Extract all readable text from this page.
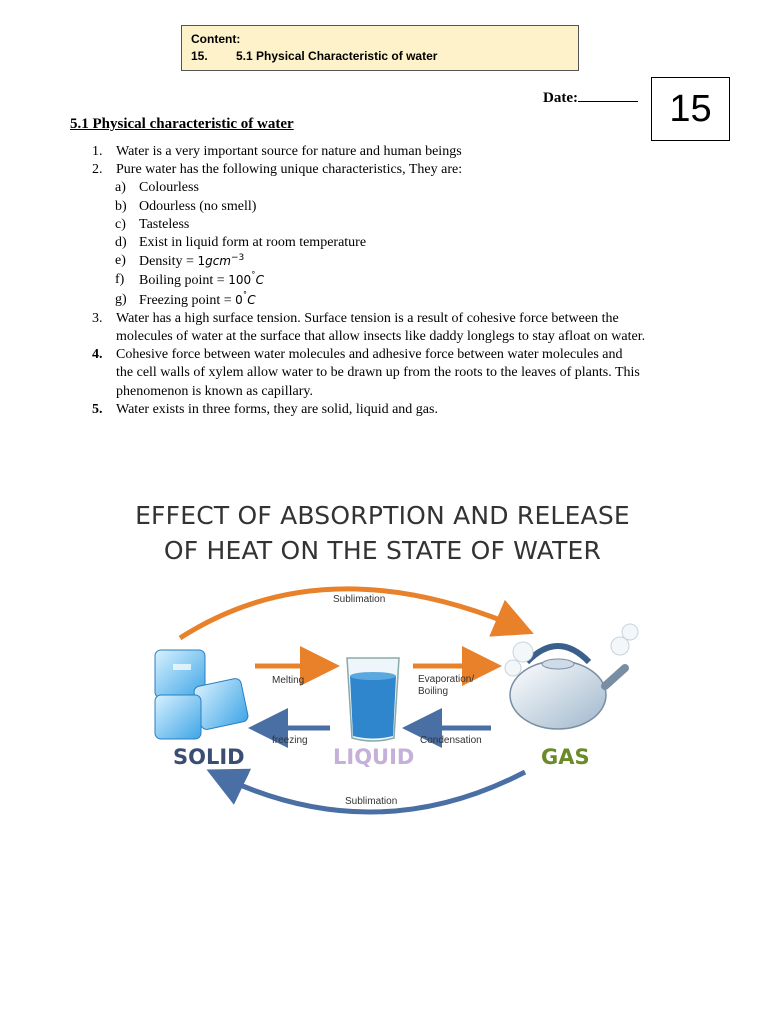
Content:
15. 5.1 Physical Characteristic of water
Date:	15
5.1 Physical characteristic of water
1. Water is a very important source for nature and human beings
2. Pure water has the following unique characteristics, They are:
a) Colourless
b) Odourless (no smell)
c) Tasteless
d) Exist in liquid form at room temperature
e) Density = 1gcm$^{-3}$
f) Boiling point = 100˚C
g) Freezing point = 0˚C
3. Water has a high surface tension. Surface tension is a result of cohesive force between the
molecules of water at the surface that allow insects like daddy longlegs to stay afloat on water.
4. Cohesive force between water molecules and adhesive force between water molecules and
the cell walls of xylem allow water to be drawn up from the roots to the leaves of plants. This
phenomenon is known as capillary.
5. Water exists in three forms, they are solid, liquid and gas.
EFFECT OF ABSORPTION AND RELEASE
OF HEAT ON THE STATE OF WATER
Sublimation
Melting
freezing
Evaporation/
Boiling
Condensation
Sublimation
SOLID	LIQUID	GAS
